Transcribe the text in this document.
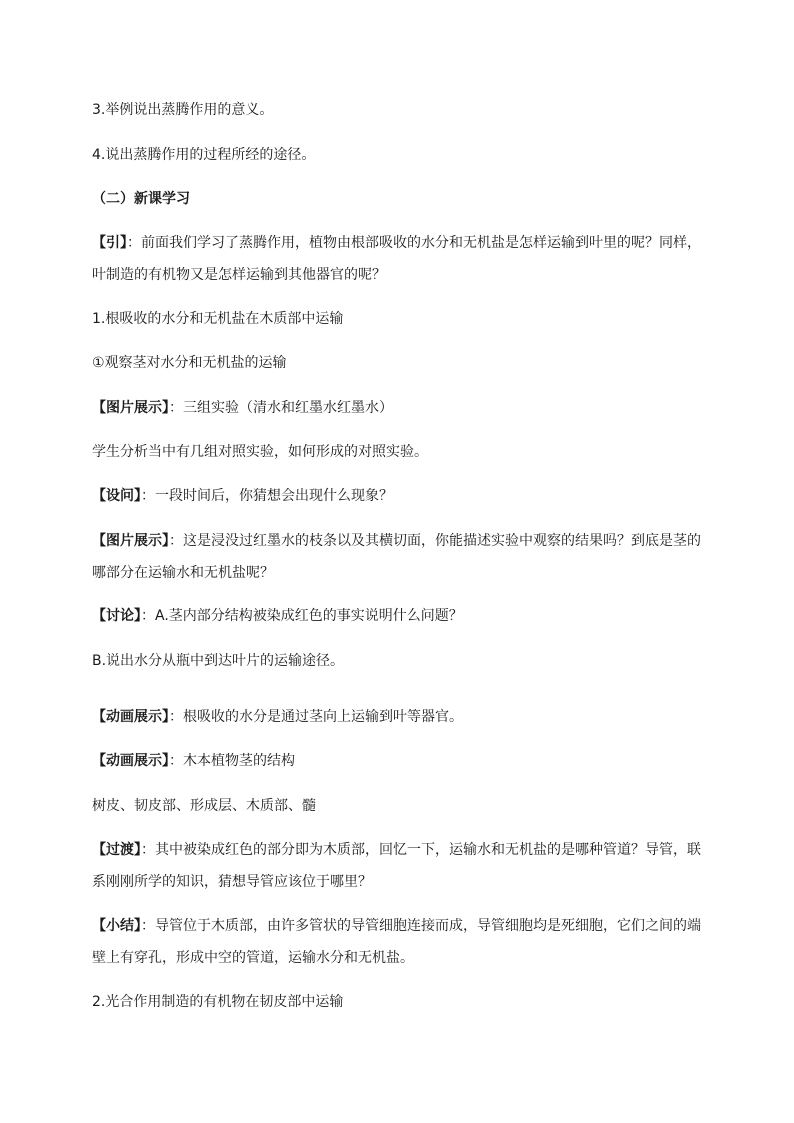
3.举例说出蒸腾作用的意义。

4.说出蒸腾作用的过程所经的途径。

（二）新课学习

【引】：前面我们学习了蒸腾作用，植物由根部吸收的水分和无机盐是怎样运输到叶里的呢？同样，叶制造的有机物又是怎样运输到其他器官的呢？

1.根吸收的水分和无机盐在木质部中运输

①观察茎对水分和无机盐的运输

【图片展示】：三组实验（清水和红墨水红墨水）

学生分析当中有几组对照实验，如何形成的对照实验。

【设问】：一段时间后，你猜想会出现什么现象？

【图片展示】：这是浸没过红墨水的枝条以及其横切面，你能描述实验中观察的结果吗？到底是茎的哪部分在运输水和无机盐呢？

【讨论】：A.茎内部分结构被染成红色的事实说明什么问题？

B.说出水分从瓶中到达叶片的运输途径。

【动画展示】：根吸收的水分是通过茎向上运输到叶等器官。

【动画展示】：木本植物茎的结构

树皮、韧皮部、形成层、木质部、髓

【过渡】：其中被染成红色的部分即为木质部，回忆一下，运输水和无机盐的是哪种管道？导管，联系刚刚所学的知识，猜想导管应该位于哪里？

【小结】：导管位于木质部，由许多管状的导管细胞连接而成，导管细胞均是死细胞，它们之间的端壁上有穿孔，形成中空的管道，运输水分和无机盐。

2.光合作用制造的有机物在韧皮部中运输
